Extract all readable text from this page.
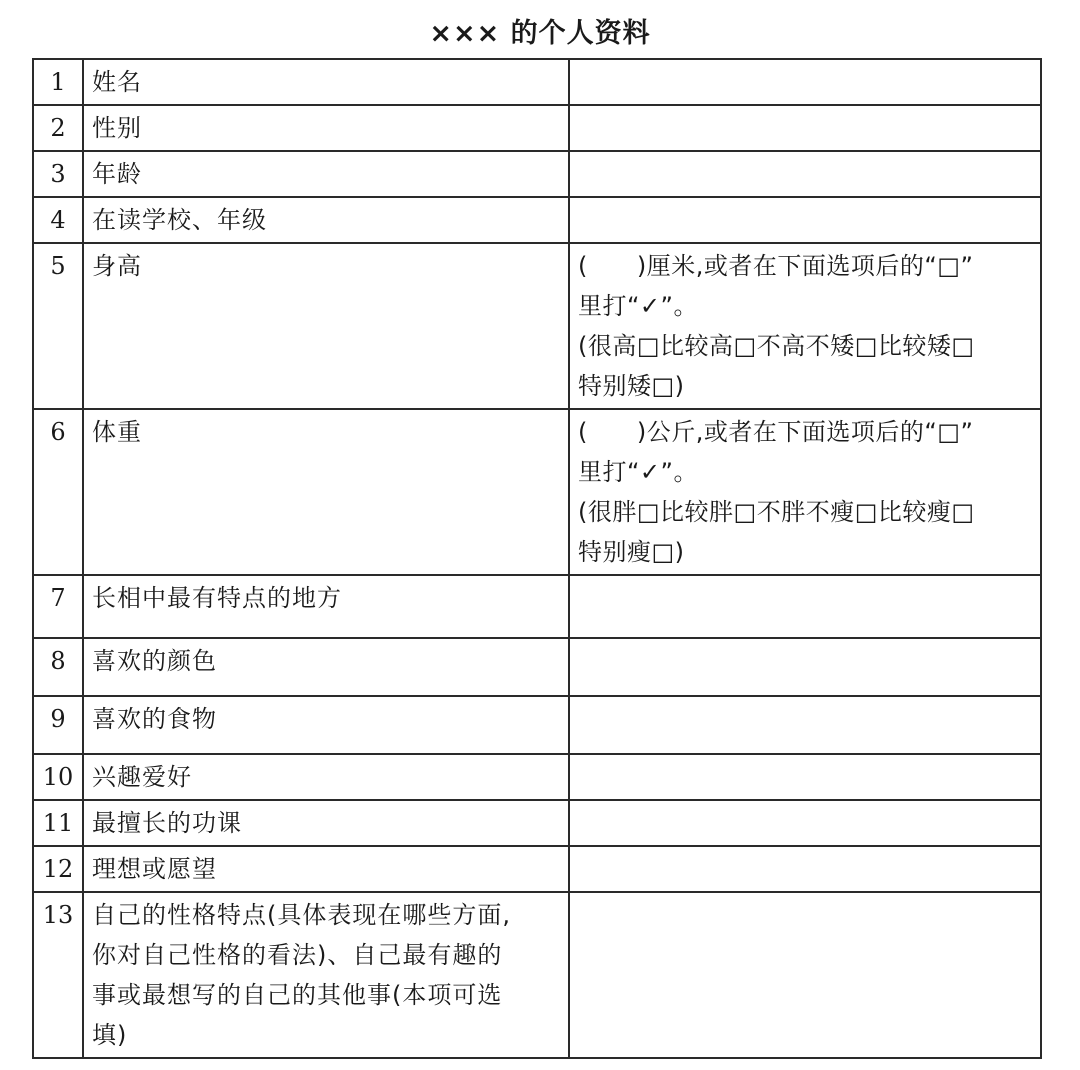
××× 的个人资料
1	姓名	
2	性别	
3	年龄	
4	在读学校、年级	
5	身高	(　　)厘米,或者在下面选项后的“□”
里打“✓”。
(很高□比较高□不高不矮□比较矮□
特别矮□)

6	体重	(　　)公斤,或者在下面选项后的“□”
里打“✓”。
(很胖□比较胖□不胖不瘦□比较瘦□
特别瘦□)

7	长相中最有特点的地方	
8	喜欢的颜色	
9	喜欢的食物	
10	兴趣爱好	
11	最擅长的功课	
12	理想或愿望	
13	自己的性格特点(具体表现在哪些方面,
你对自己性格的看法)、自己最有趣的
事或最想写的自己的其他事(本项可选
填)	
